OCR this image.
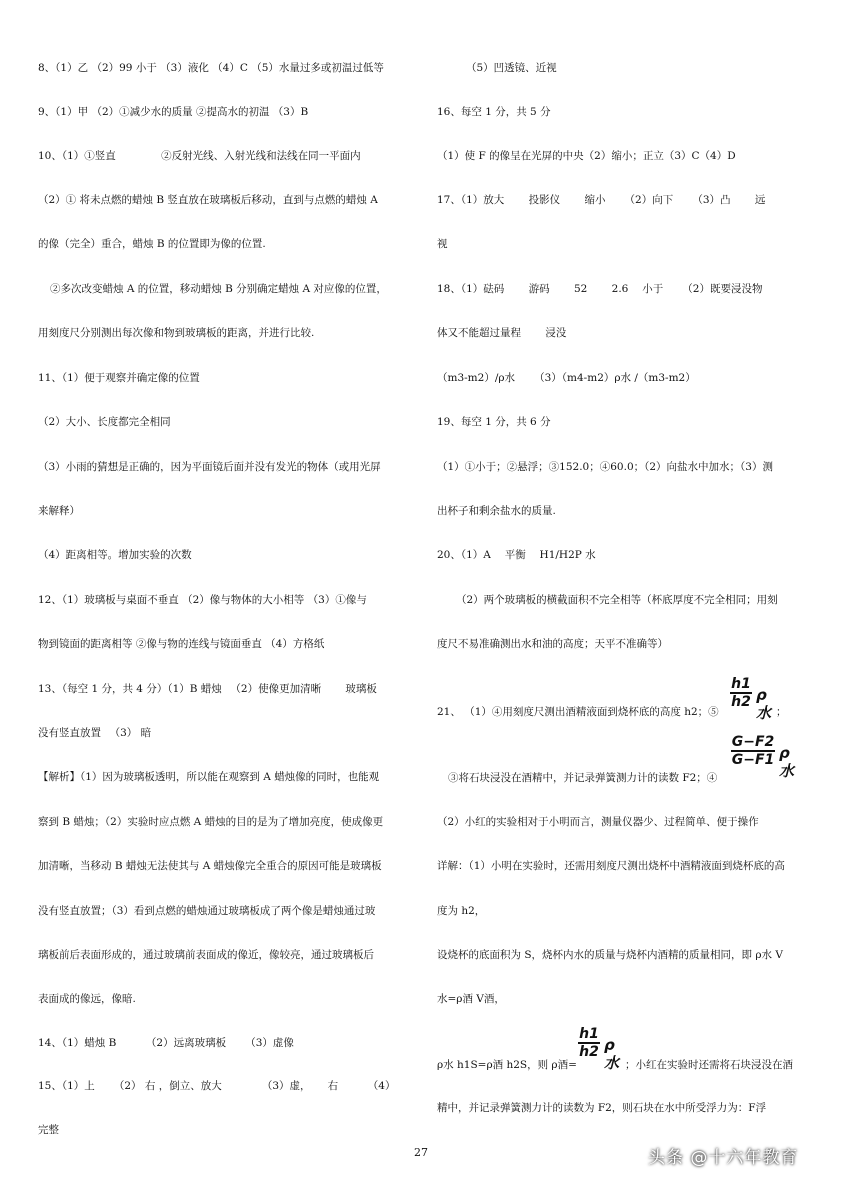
8、（1）乙 （2）99 小于 （3）液化 （4）C （5）水量过多或初温过低等
9、（1）甲 （2）①减少水的质量 ②提高水的初温 （3）B
10、（1）①竖直 　　　　②反射光线、入射光线和法线在同一平面内
（2）① 将未点燃的蜡烛 B 竖直放在玻璃板后移动，直到与点燃的蜡烛 A
的像（完全）重合，蜡烛 B 的位置即为像的位置.
②多次改变蜡烛 A 的位置，移动蜡烛 B 分别确定蜡烛 A 对应像的位置，
用刻度尺分别测出每次像和物到玻璃板的距离，并进行比较.
11、（1）便于观察并确定像的位置
（2）大小、长度都完全相同
（3）小雨的猜想是正确的，因为平面镜后面并没有发光的物体（或用光屏
来解释）
（4）距离相等。增加实验的次数
12、（1）玻璃板与桌面不垂直 （2）像与物体的大小相等 （3）①像与
物到镜面的距离相等 ②像与物的连线与镜面垂直 （4）方格纸
13、（每空 1 分，共 4 分）（1）B 蜡烛 　（2）使像更加清晰 　　玻璃板
没有竖直放置 　（3） 暗
【解析】（1）因为玻璃板透明，所以能在观察到 A 蜡烛像的同时，也能观
察到 B 蜡烛；（2）实验时应点燃 A 蜡烛的目的是为了增加亮度，使成像更
加清晰，当移动 B 蜡烛无法使其与 A 蜡烛像完全重合的原因可能是玻璃板
没有竖直放置；（3）看到点燃的蜡烛通过玻璃板成了两个像是蜡烛通过玻
璃板前后表面形成的，通过玻璃前表面成的像近，像较亮，通过玻璃板后
表面成的像远，像暗.
14、（1）蜡烛 B 　　　（2）远离玻璃板 　　（3）虚像
15、（1）上 　　（2） 右 ，倒立、放大 　　　　（3）虚， 　 右 　　　（4）
完整
（5）凹透镜、近视
16、每空 1 分，共 5 分
（1）使 F 的像呈在光屏的中央（2）缩小；正立（3）C（4）D
17、（1）放大 　　投影仪 　　缩小 　　（2）向下 　　（3）凸 　　远
视
18、（1）砝码 　　游码 　　52 　　2.6 　小于 　　（2）既要浸没物
体又不能超过量程 　　浸没
（m3-m2）/ρ水 　　（3）（m4-m2）ρ水 /（m3-m2）
19、每空 1 分，共 6 分
（1）①小于；②悬浮；③152.0；④60.0；（2）向盐水中加水；（3）测
出杯子和剩余盐水的质量.
20、（1）A 　平衡 　H1/H2P 水
（2）两个玻璃板的横截面积不完全相等（杯底厚度不完全相同；用刻
度尺不易准确测出水和油的高度；天平不准确等）
21、 （1）④用刻度尺测出酒精液面到烧杯底的高度 h2；⑤
h1
h2 ρ水 ；
G−F2
G−F1 ρ水
③将石块浸没在酒精中，并记录弹簧测力计的读数 F2；④
（2）小红的实验相对于小明而言，测量仪器少、过程简单、便于操作
详解：（1）小明在实验时，还需用刻度尺测出烧杯中酒精液面到烧杯底的高
度为 h2，
设烧杯的底面积为 S，烧杯内水的质量与烧杯内酒精的质量相同，即 ρ水 V
水=ρ酒 V酒，
ρ水 h1S=ρ酒 h2S，则 ρ酒=
h1
h2 ρ水 ；小红在实验时还需将石块浸没在酒
精中，并记录弹簧测力计的读数为 F2，则石块在水中所受浮力为：F浮
27	头条 @十六年教育
